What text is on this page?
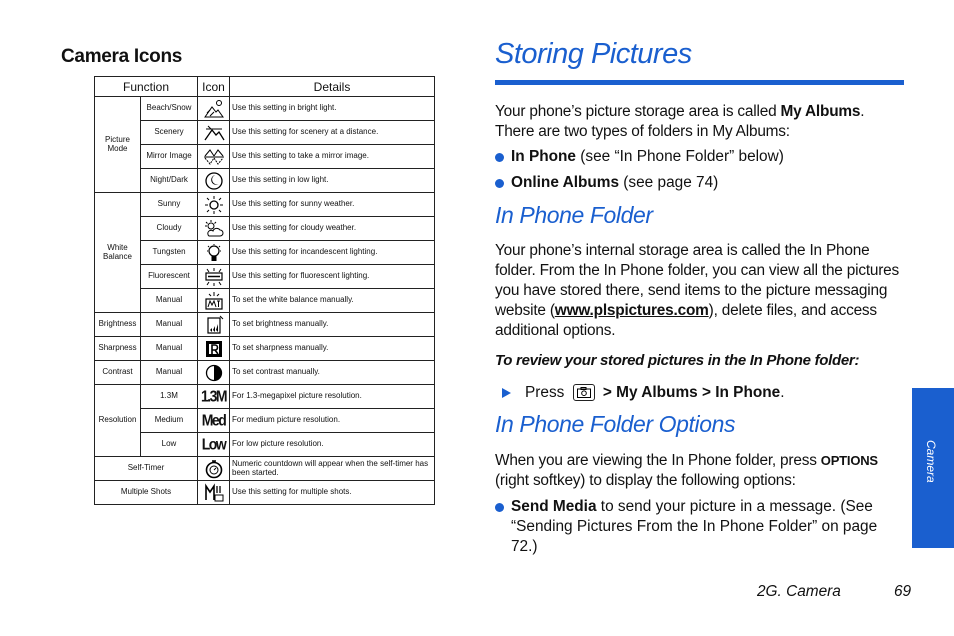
Camera Icons
Function		Icon	Details
Picture Mode	Beach/Snow		Use this setting in bright light.
	Scenery		Use this setting for scenery at a distance.
	Mirror Image		Use this setting to take a mirror image.
	Night/Dark		Use this setting in low light.
White Balance	Sunny		Use this setting for sunny weather.
	Cloudy		Use this setting for cloudy weather.
	Tungsten		Use this setting for incandescent lighting.
	Fluorescent		Use this setting for fluorescent lighting.
	Manual		To set the white balance manually.
Brightness	Manual		To set brightness manually.
Sharpness	Manual		To set sharpness manually.
Contrast	Manual		To set contrast manually.
Resolution	1.3M	1.3M	For 1.3-megapixel picture resolution.
	Medium	Med	For medium picture resolution.
	Low	Low	For low picture resolution.
Self-Timer			Numeric countdown will appear when the self-timer has been started.
Multiple Shots			Use this setting for multiple shots.
Storing Pictures
Your phone’s picture storage area is called My Albums. There are two types of folders in My Albums:
In Phone (see “In Phone Folder” below)
Online Albums (see page 74)
In Phone Folder
Your phone’s internal storage area is called the In Phone folder. From the In Phone folder, you can view all the pictures you have stored there, send items to the picture messaging website (www.plspictures.com), delete files, and access additional options.
To review your stored pictures in the In Phone folder:
Press
> My Albums > In Phone.
In Phone Folder Options
When you are viewing the In Phone folder, press OPTIONS (right softkey) to display the following options:
Send Media to send your picture in a message. (See “Sending Pictures From the In Phone Folder” on page 72.)
Camera
2G. Camera	69
